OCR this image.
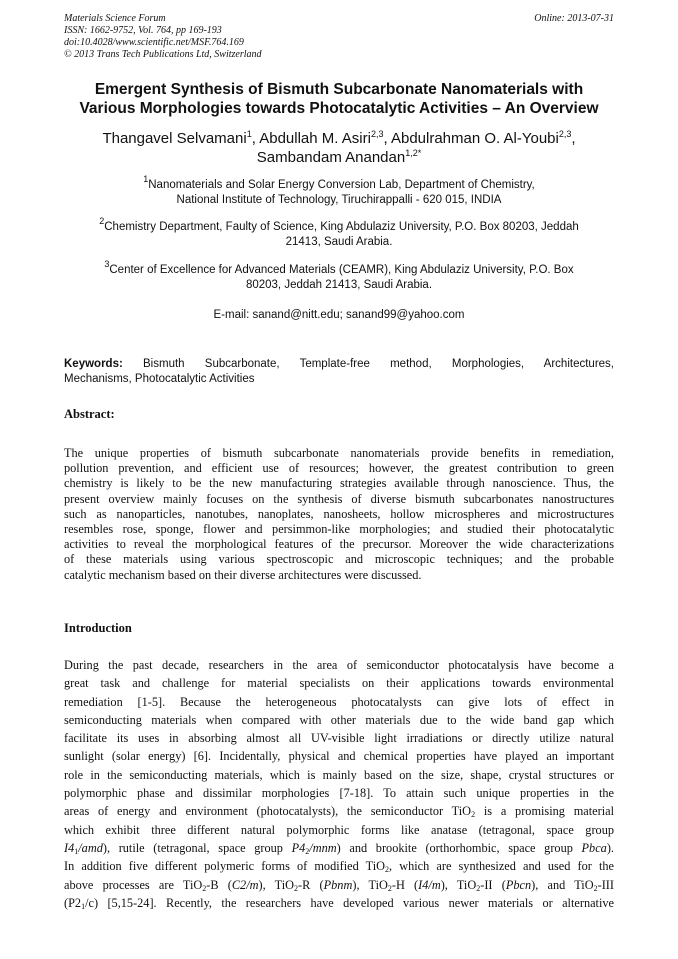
Materials Science Forum
ISSN: 1662-9752, Vol. 764, pp 169-193
doi:10.4028/www.scientific.net/MSF.764.169
© 2013 Trans Tech Publications Ltd, Switzerland
Online: 2013-07-31
Emergent Synthesis of Bismuth Subcarbonate Nanomaterials with
Various Morphologies towards Photocatalytic Activities – An Overview
Thangavel Selvamani$^1$, Abdullah M. Asiri$^{2,3}$, Abdulrahman O. Al-Youbi$^{2,3}$,
Sambandam Anandan$^{1,2*}$
$^1$Nanomaterials and Solar Energy Conversion Lab, Department of Chemistry,
National Institute of Technology, Tiruchirappalli - 620 015, INDIA
$^2$Chemistry Department, Faulty of Science, King Abdulaziz University, P.O. Box 80203, Jeddah
21413, Saudi Arabia.
$^3$Center of Excellence for Advanced Materials (CEAMR), King Abdulaziz University, P.O. Box
80203, Jeddah 21413, Saudi Arabia.
E-mail: sanand@nitt.edu; sanand99@yahoo.com
Keywords: Bismuth Subcarbonate, Template-free method, Morphologies, Architectures,
Mechanisms, Photocatalytic Activities
Abstract:
The unique properties of bismuth subcarbonate nanomaterials provide benefits in remediation,
pollution prevention, and efficient use of resources; however, the greatest contribution to green
chemistry is likely to be the new manufacturing strategies available through nanoscience. Thus, the
present overview mainly focuses on the synthesis of diverse bismuth subcarbonates nanostructures
such as nanoparticles, nanotubes, nanoplates, nanosheets, hollow microspheres and microstructures
resembles rose, sponge, flower and persimmon-like morphologies; and studied their photocatalytic
activities to reveal the morphological features of the precursor. Moreover the wide characterizations
of these materials using various spectroscopic and microscopic techniques; and the probable
catalytic mechanism based on their diverse architectures were discussed.
Introduction
During the past decade, researchers in the area of semiconductor photocatalysis have become a
great task and challenge for material specialists on their applications towards environmental
remediation [1-5]. Because the heterogeneous photocatalysts can give lots of effect in
semiconducting materials when compared with other materials due to the wide band gap which
facilitate its uses in absorbing almost all UV-visible light irradiations or directly utilize natural
sunlight (solar energy) [6]. Incidentally, physical and chemical properties have played an important
role in the semiconducting materials, which is mainly based on the size, shape, crystal structures or
polymorphic phase and dissimilar morphologies [7-18]. To attain such unique properties in the
areas of energy and environment (photocatalysts), the semiconductor TiO$_2$ is a promising material
which exhibit three different natural polymorphic forms like anatase (tetragonal, space group
$I4_1/amd$), rutile (tetragonal, space group $P4_2/mnm$) and brookite (orthorhombic, space group Pbca).
In addition five different polymeric forms of modified TiO$_2$, which are synthesized and used for the
above processes are TiO$_2$-B (C2/m), TiO$_2$-R (Pbnm), TiO$_2$-H (I4/m), TiO$_2$-II (Pbcn), and TiO$_2$-III
$(P2_1/c)$ [5,15-24]. Recently, the researchers have developed various newer materials or alternative
